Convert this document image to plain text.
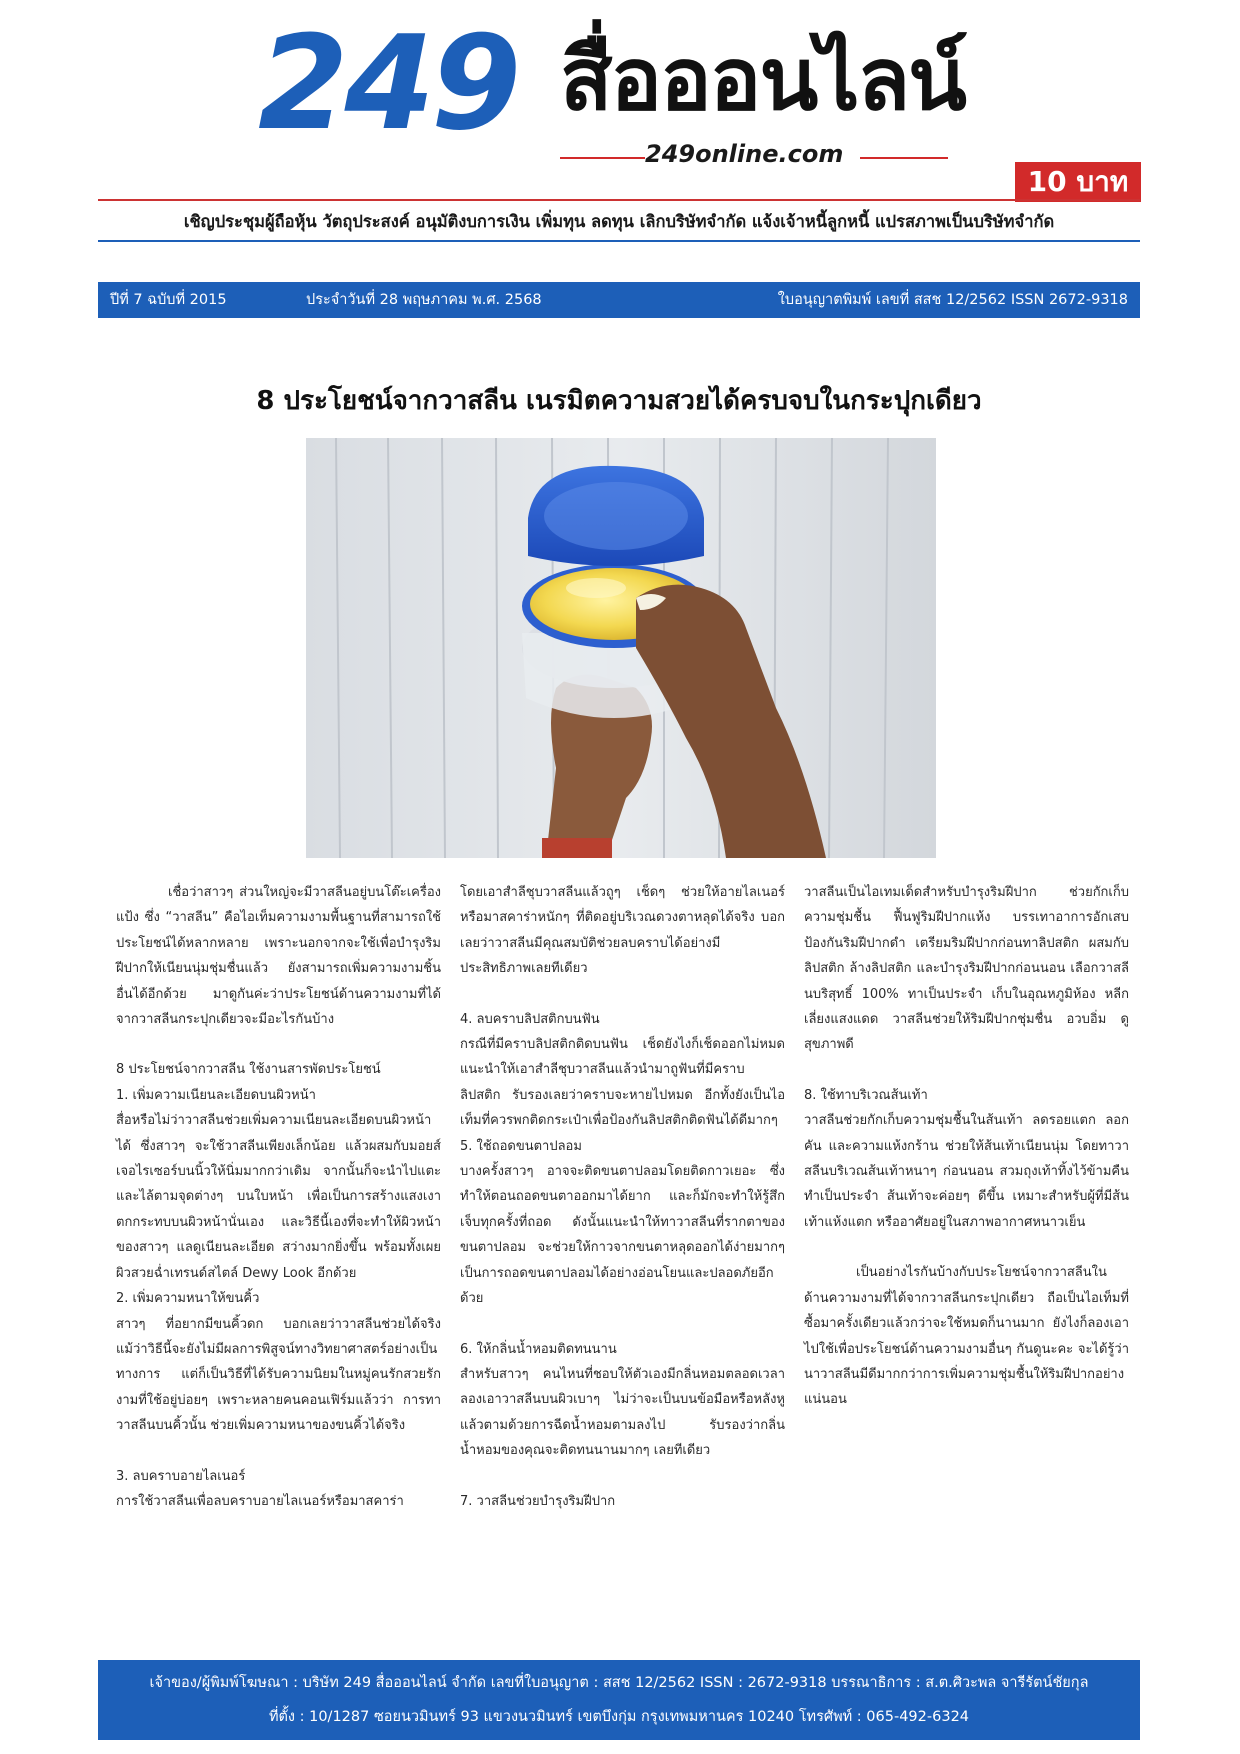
249 สื่อออนไลน์
249online.com
10 บาท
เชิญประชุมผู้ถือหุ้น วัตถุประสงค์ อนุมัติงบการเงิน เพิ่มทุน ลดทุน เลิกบริษัทจำกัด แจ้งเจ้าหนี้ลูกหนี้ แปรสภาพเป็นบริษัทจำกัด
ปีที่ 7 ฉบับที่ 2015	ประจำวันที่ 28 พฤษภาคม พ.ศ. 2568	ใบอนุญาตพิมพ์ เลขที่ สสช 12/2562 ISSN 2672-9318
8 ประโยชน์จากวาสลีน เนรมิตความสวยได้ครบจบในกระปุกเดียว

เชื่อว่าสาวๆ ส่วนใหญ่จะมีวาสลีนอยู่บนโต๊ะเครื่องแป้ง ซึ่ง “วาสลีน” คือไอเท็มความงามพื้นฐานที่สามารถใช้ประโยชน์ได้หลากหลาย เพราะนอกจากจะใช้เพื่อบำรุงริมฝีปากให้เนียนนุ่มชุ่มชื่นแล้ว ยังสามารถเพิ่มความงามชิ้นอื่นได้อีกด้วย มาดูกันค่ะว่าประโยชน์ด้านความงามที่ได้จากวาสลีนกระปุกเดียวจะมีอะไรกันบ้าง

8 ประโยชน์จากวาสลีน ใช้งานสารพัดประโยชน์

1. เพิ่มความเนียนละเอียดบนผิวหน้า

สื่อหรือไม่ว่าวาสลีนช่วยเพิ่มความเนียนละเอียดบนผิวหน้าได้ ซึ่งสาวๆ จะใช้วาสลีนเพียงเล็กน้อย แล้วผสมกับมอยส์เจอไรเซอร์บนนิ้วให้นิ่มมากกว่าเดิม จากนั้นก็จะนำไปแตะและไล้ตามจุดต่างๆ บนใบหน้า เพื่อเป็นการสร้างแสงเงาตกกระทบบนผิวหน้านั่นเอง และวิธีนี้เองที่จะทำให้ผิวหน้าของสาวๆ แลดูเนียนละเอียด สว่างมากยิ่งขึ้น พร้อมทั้งเผยผิวสวยฉ่ำเทรนด์สไตล์ Dewy Look อีกด้วย

2. เพิ่มความหนาให้ขนคิ้ว

สาวๆ ที่อยากมีขนคิ้วดก บอกเลยว่าวาสลีนช่วยได้จริง แม้ว่าวิธีนี้จะยังไม่มีผลการพิสูจน์ทางวิทยาศาสตร์อย่างเป็นทางการ แต่ก็เป็นวิธีที่ได้รับความนิยมในหมู่คนรักสวยรักงามที่ใช้อยู่บ่อยๆ เพราะหลายคนคอนเฟิร์มแล้วว่า การทาวาสลีนบนคิ้วนั้น ช่วยเพิ่มความหนาของขนคิ้วได้จริง

3. ลบคราบอายไลเนอร์

การใช้วาสลีนเพื่อลบคราบอายไลเนอร์หรือมาสคาร่า

โดยเอาสำลีชุบวาสลีนแล้วถูๆ เช็ดๆ ช่วยให้อายไลเนอร์หรือมาสคาร่าหนักๆ ที่ติดอยู่บริเวณดวงตาหลุดได้จริง บอกเลยว่าวาสลีนมีคุณสมบัติช่วยลบคราบได้อย่างมีประสิทธิภาพเลยทีเดียว

4. ลบคราบลิปสติกบนฟัน

กรณีที่มีคราบลิปสติกติดบนฟัน เช็ดยังไงก็เช็ดออกไม่หมด แนะนำให้เอาสำลีชุบวาสลีนแล้วนำมาถูฟันที่มีคราบลิปสติก รับรองเลยว่าคราบจะหายไปหมด อีกทั้งยังเป็นไอเท็มที่ควรพกติดกระเป๋าเพื่อป้องกันลิปสติกติดฟันได้ดีมากๆ

5. ใช้ถอดขนตาปลอม

บางครั้งสาวๆ อาจจะติดขนตาปลอมโดยติดกาวเยอะ ซึ่งทำให้ตอนถอดขนตาออกมาได้ยาก และก็มักจะทำให้รู้สึกเจ็บทุกครั้งที่ถอด ดังนั้นแนะนำให้ทาวาสลีนที่รากตาของขนตาปลอม จะช่วยให้กาวจากขนตาหลุดออกได้ง่ายมากๆ เป็นการถอดขนตาปลอมได้อย่างอ่อนโยนและปลอดภัยอีกด้วย

6. ให้กลิ่นน้ำหอมติดทนนาน

สำหรับสาวๆ คนไหนที่ชอบให้ตัวเองมีกลิ่นหอมตลอดเวลา ลองเอาวาสลีนบนผิวเบาๆ ไม่ว่าจะเป็นบนข้อมือหรือหลังหู แล้วตามด้วยการฉีดน้ำหอมตามลงไป รับรองว่ากลิ่นน้ำหอมของคุณจะติดทนนานมากๆ เลยทีเดียว

7. วาสลีนช่วยบำรุงริมฝีปาก

วาสลีนเป็นไอเทมเด็ดสำหรับบำรุงริมฝีปาก ช่วยกักเก็บความชุ่มชื้น ฟื้นฟูริมฝีปากแห้ง บรรเทาอาการอักเสบ ป้องกันริมฝีปากดำ เตรียมริมฝีปากก่อนทาลิปสติก ผสมกับลิปสติก ล้างลิปสติก และบำรุงริมฝีปากก่อนนอน เลือกวาสลีนบริสุทธิ์ 100% ทาเป็นประจำ เก็บในอุณหภูมิห้อง หลีกเลี่ยงแสงแดด วาสลีนช่วยให้ริมฝีปากชุ่มชื่น อวบอิ่ม ดูสุขภาพดี

8. ใช้ทาบริเวณส้นเท้า

วาสลีนช่วยกักเก็บความชุ่มชื้นในส้นเท้า ลดรอยแตก ลอก คัน และความแห้งกร้าน ช่วยให้ส้นเท้าเนียนนุ่ม โดยทาวาสลีนบริเวณส้นเท้าหนาๆ ก่อนนอน สวมถุงเท้าทิ้งไว้ข้ามคืน ทำเป็นประจำ ส้นเท้าจะค่อยๆ ดีขึ้น เหมาะสำหรับผู้ที่มีส้นเท้าแห้งแตก หรืออาศัยอยู่ในสภาพอากาศหนาวเย็น

เป็นอย่างไรกันบ้างกับประโยชน์จากวาสลีนในด้านความงามที่ได้จากวาสลีนกระปุกเดียว ถือเป็นไอเท็มที่ซื้อมาครั้งเดียวแล้วกว่าจะใช้หมดก็นานมาก ยังไงก็ลองเอาไปใช้เพื่อประโยชน์ด้านความงามอื่นๆ กันดูนะคะ จะได้รู้ว่านาวาสลีนมีดีมากกว่าการเพิ่มความชุ่มชื้นให้ริมฝีปากอย่างแน่นอน

เจ้าของ/ผู้พิมพ์โฆษณา : บริษัท 249 สื่อออนไลน์ จำกัด เลขที่ใบอนุญาต : สสช 12/2562 ISSN : 2672-9318 บรรณาธิการ : ส.ต.ศิวะพล จารีรัตน์ชัยกุล
ที่ตั้ง : 10/1287 ซอยนวมินทร์ 93 แขวงนวมินทร์ เขตบึงกุ่ม กรุงเทพมหานคร 10240 โทรศัพท์ : 065-492-6324
